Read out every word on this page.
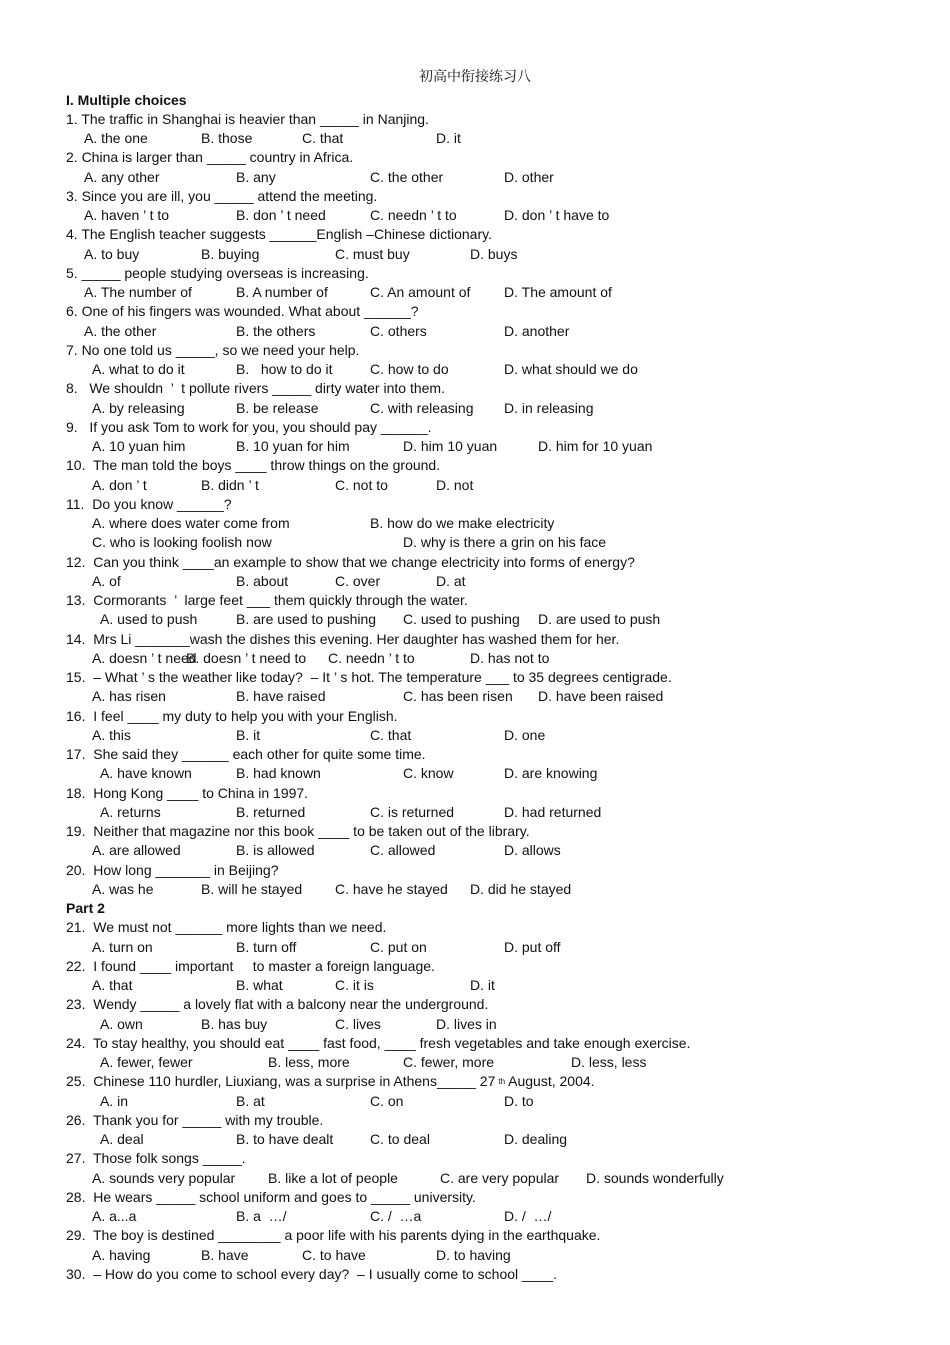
初高中衔接练习八
I. Multiple choices
1. The traffic in Shanghai is heavier than _____ in Nanjing.
A. the one	B. those	C. that	D. it
2. China is larger than _____ country in Africa.
A. any other	B. any	C. the other	D. other
3. Since you are ill, you _____ attend the meeting.
A. haven ’ t to	B. don ’ t need	C. needn ’ t to	D. don ’ t have to
4. The English teacher suggests ______English –Chinese dictionary.
A. to buy	B. buying	C. must buy	D. buys
5. _____ people studying overseas is increasing.
A. The number of	B. A number of	C. An amount of D. The amount of
6. One of his fingers was wounded. What about ______?
A. the other	B. the others	C. others	D. another
7. No one told us _____, so we need your help.
A. what to do it	B.   how to do it	C. how to do	D. what should we do
8.   We shouldn  ’  t pollute rivers _____ dirty water into them.
A. by releasing	B. be release	C. with releasing D. in releasing
9.   If you ask Tom to work for you, you should pay ______.
A. 10 yuan him	B. 10 yuan for him	D. him 10 yuan	D. him for 10 yuan
10.  The man told the boys ____ throw things on the ground.
A. don ’ t	B. didn ’ t	C. not to	D. not
11.  Do you know ______?
A. where does water come from	B. how do we make electricity
C. who is looking foolish now	D. why is there a grin on his face
12.  Can you think ____an example to show that we change electricity into forms of energy?
A. of	B. about	C. over	D. at
13.  Cormorants  ’  large feet ___ them quickly through the water.
A. used to push	B. are used to pushing C. used to pushing D. are used to push
14.  Mrs Li _______wash the dishes this evening. Her daughter has washed them for her.
A. doesn ’ t need
B. doesn ’ t need to C. needn ’ t to	D. has not to
15.  – What ’ s the weather like today?  – It ’ s hot. The temperature ___ to 35 degrees centigrade.
A. has risen	B. have raised	C. has been risen D. have been raised
16.  I feel ____ my duty to help you with your English.
A. this	B. it	C. that	D. one
17.  She said they ______ each other for quite some time.
A. have known	B. had known	C. know	D. are knowing
18.  Hong Kong ____ to China in 1997.
A. returns	B. returned	C. is returned	D. had returned
19.  Neither that magazine nor this book ____ to be taken out of the library.
A. are allowed	B. is allowed	C. allowed	D. allows
20.  How long _______ in Beijing?
A. was he	B. will he stayed C. have he stayed D. did he stayed
Part 2
21.  We must not ______ more lights than we need.
A. turn on	B. turn off	C. put on	D. put off
22.  I found ____ important     to master a foreign language.
A. that	B. what	C. it is	D. it
23.  Wendy _____ a lovely flat with a balcony near the underground.
A. own	B. has buy	C. lives	D. lives in
24.  To stay healthy, you should eat ____ fast food, ____ fresh vegetables and take enough exercise.
A. fewer, fewer	B. less, more	C. fewer, more	D. less, less
25.  Chinese 110 hurdler, Liuxiang, was a surprise in Athens_____ 27 th August, 2004.
A. in	B. at	C. on	D. to
26.  Thank you for _____ with my trouble.
A. deal	B. to have dealt	C. to deal	D. dealing
27.  Those folk songs _____.
A. sounds very popular B. like a lot of people	C. are very popular D. sounds wonderfully
28.  He wears _____ school uniform and goes to _____ university.
A. a...a	B. a  …/	C. /  …a	D. /  …/
29.  The boy is destined ________ a poor life with his parents dying in the earthquake.
A. having	B. have	C. to have	D. to having
30.  – How do you come to school every day?  – I usually come to school ____.
